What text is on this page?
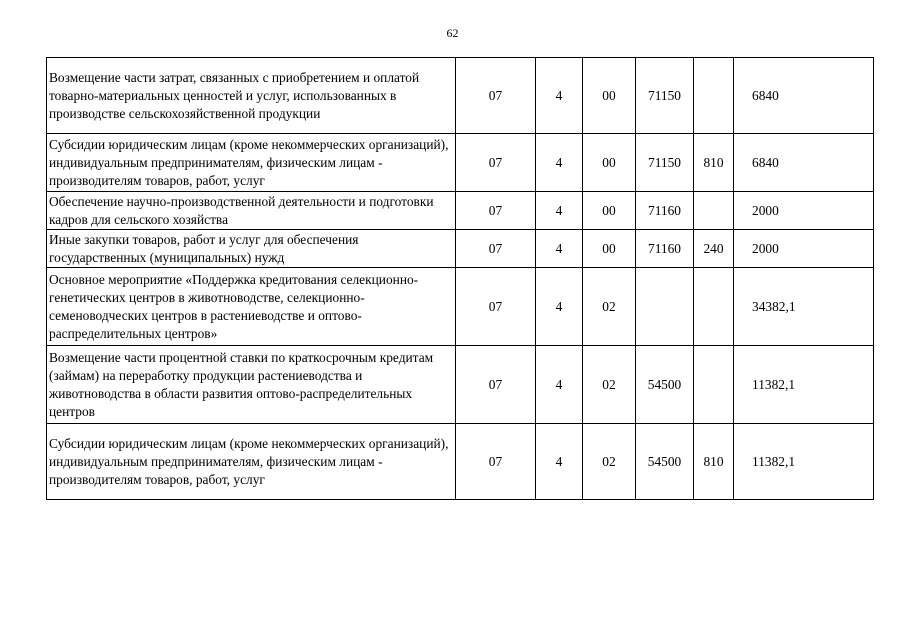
62
Возмещение части затрат, связанных с приобретением и оплатой товарно-материальных ценностей и услуг, использованных в производстве сельскохозяйственной продукции	07	4	00	71150		6840
Субсидии юридическим лицам (кроме некоммерческих организаций), индивидуальным предпринимателям, физическим лицам - производителям товаров, работ, услуг	07	4	00	71150	810	6840
Обеспечение научно-производственной деятельности и подготовки кадров для сельского хозяйства	07	4	00	71160		2000
Иные закупки товаров, работ и услуг для обеспечения государственных (муниципальных) нужд	07	4	00	71160	240	2000
Основное мероприятие «Поддержка кредитования селекционно-генетических центров в животноводстве, селекционно-семеноводческих центров в растениеводстве и оптово-распределительных центров»	07	4	02			34382,1
Возмещение части процентной ставки по краткосрочным кредитам (займам) на переработку продукции растениеводства и животноводства в области развития оптово-распределительных центров	07	4	02	54500		11382,1
Субсидии юридическим лицам (кроме некоммерческих организаций), индивидуальным предпринимателям, физическим лицам - производителям товаров, работ, услуг	07	4	02	54500	810	11382,1
